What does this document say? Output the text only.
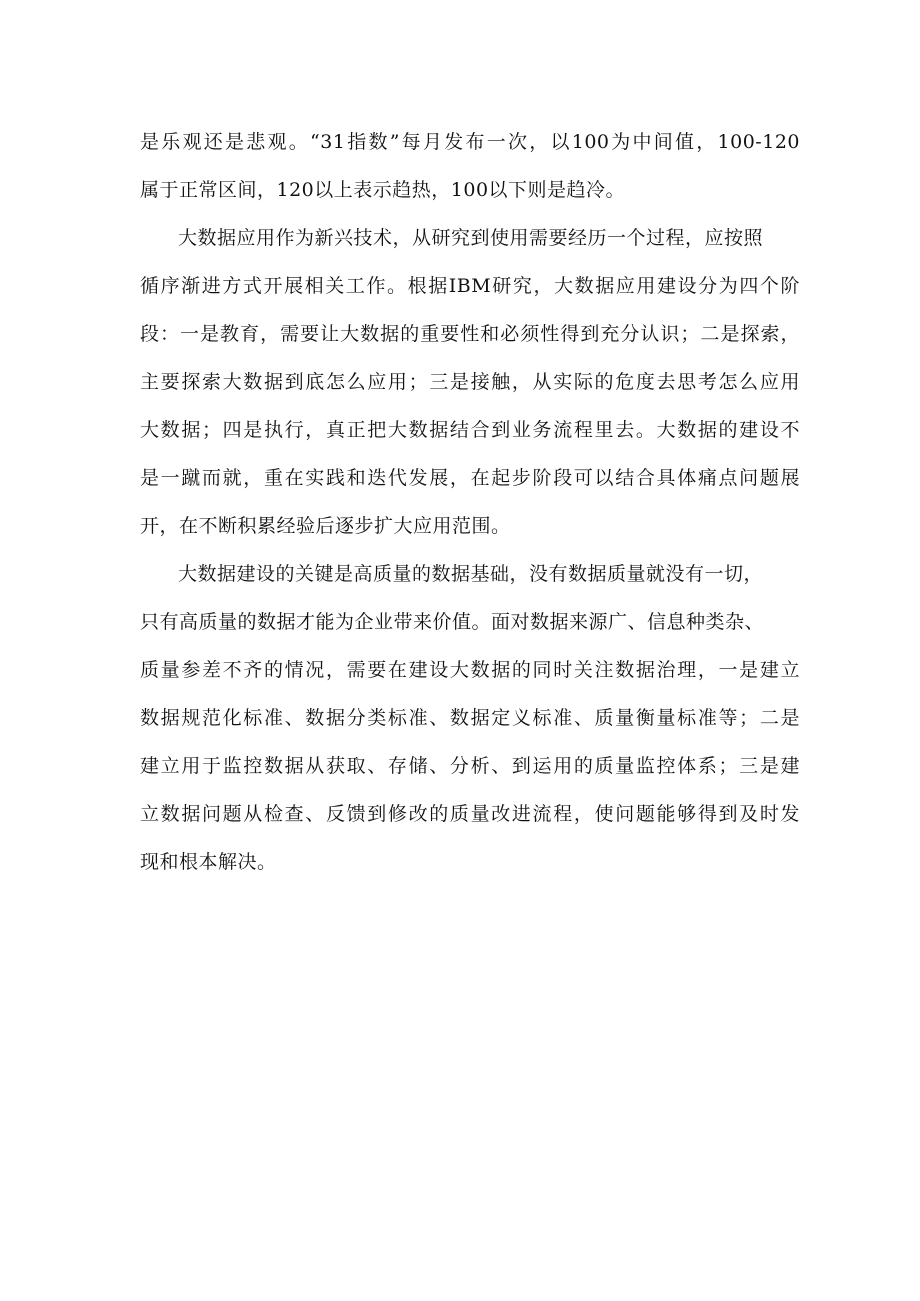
是乐观还是悲观。“31指数”每月发布一次，以100为中间值，100-120
属于正常区间，120以上表示趋热，100以下则是趋冷。
大数据应用作为新兴技术，从研究到使用需要经历一个过程，应按照
循序渐进方式开展相关工作。根据IBM研究，大数据应用建设分为四个阶
段：一是教育，需要让大数据的重要性和必须性得到充分认识；二是探索，
主要探索大数据到底怎么应用；三是接触，从实际的危度去思考怎么应用
大数据；四是执行，真正把大数据结合到业务流程里去。大数据的建设不
是一蹴而就，重在实践和迭代发展，在起步阶段可以结合具体痛点问题展
开，在不断积累经验后逐步扩大应用范围。
大数据建设的关键是高质量的数据基础，没有数据质量就没有一切，
只有高质量的数据才能为企业带来价值。面对数据来源广、信息种类杂、
质量参差不齐的情况，需要在建设大数据的同时关注数据治理，一是建立
数据规范化标准、数据分类标准、数据定义标准、质量衡量标准等；二是
建立用于监控数据从获取、存储、分析、到运用的质量监控体系；三是建
立数据问题从检查、反馈到修改的质量改进流程，使问题能够得到及时发
现和根本解决。
